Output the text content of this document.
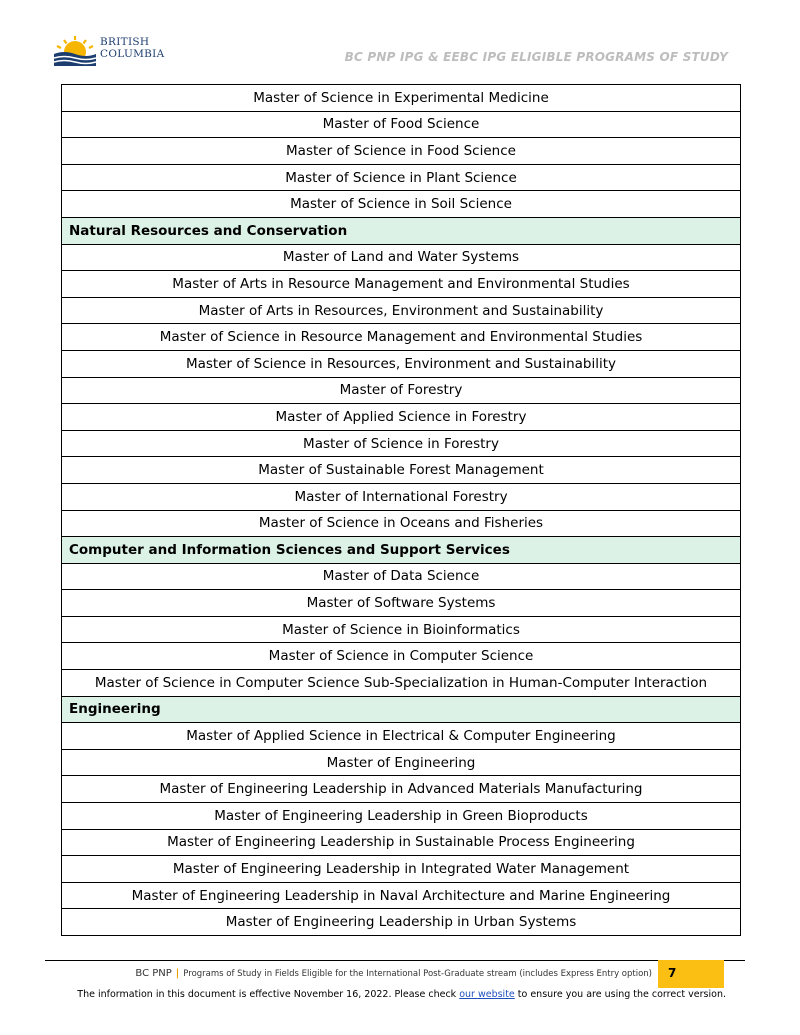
BRITISH
COLUMBIA	BC PNP IPG & EEBC IPG ELIGIBLE PROGRAMS OF STUDY
Master of Science in Experimental Medicine
Master of Food Science
Master of Science in Food Science
Master of Science in Plant Science
Master of Science in Soil Science
Natural Resources and Conservation
Master of Land and Water Systems
Master of Arts in Resource Management and Environmental Studies
Master of Arts in Resources, Environment and Sustainability
Master of Science in Resource Management and Environmental Studies
Master of Science in Resources, Environment and Sustainability
Master of Forestry
Master of Applied Science in Forestry
Master of Science in Forestry
Master of Sustainable Forest Management
Master of International Forestry
Master of Science in Oceans and Fisheries
Computer and Information Sciences and Support Services
Master of Data Science
Master of Software Systems
Master of Science in Bioinformatics
Master of Science in Computer Science
Master of Science in Computer Science Sub-Specialization in Human-Computer Interaction
Engineering
Master of Applied Science in Electrical & Computer Engineering
Master of Engineering
Master of Engineering Leadership in Advanced Materials Manufacturing
Master of Engineering Leadership in Green Bioproducts
Master of Engineering Leadership in Sustainable Process Engineering
Master of Engineering Leadership in Integrated Water Management
Master of Engineering Leadership in Naval Architecture and Marine Engineering
Master of Engineering Leadership in Urban Systems
BC PNP | Programs of Study in Fields Eligible for the International Post-Graduate stream (includes Express Entry option) 7
The information in this document is effective November 16, 2022. Please check our website to ensure you are using the correct version.
